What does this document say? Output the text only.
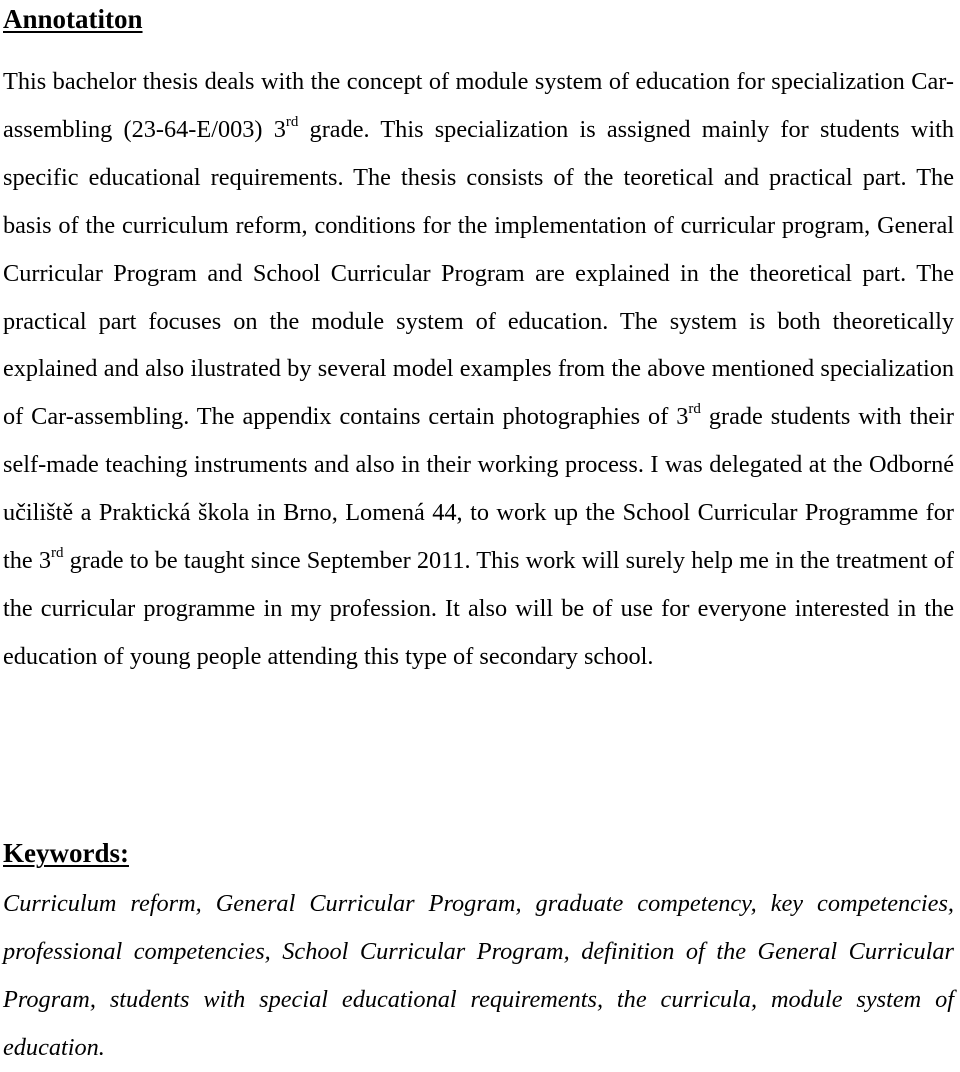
Annotatiton

This bachelor thesis deals with the concept of module system of education for specialization Car-assembling (23-64-E/003) 3rd grade. This specialization is assigned mainly for students with specific educational requirements. The thesis consists of the teoretical and practical part. The basis of the curriculum reform, conditions for the implementation of curricular program, General Curricular Program and School Curricular Program are explained in the theoretical part. The practical part focuses on the module system of education. The system is both theoretically explained and also ilustrated by several model examples from the above mentioned specialization of Car-assembling. The appendix contains certain photographies of 3rd grade students with their self-made teaching instruments and also in their working process. I was delegated at the Odborné učiliště a Praktická škola in Brno, Lomená 44, to work up the School Curricular Programme for the 3rd grade to be taught since September 2011. This work will surely help me in the treatment of the curricular programme in my profession. It also will be of use for everyone interested in the education of young people attending this type of secondary school.

Keywords:

Curriculum reform, General Curricular Program, graduate competency, key competencies, professional competencies, School Curricular Program, definition of the General Curricular Program, students with special educational requirements, the curricula, module system of education.
